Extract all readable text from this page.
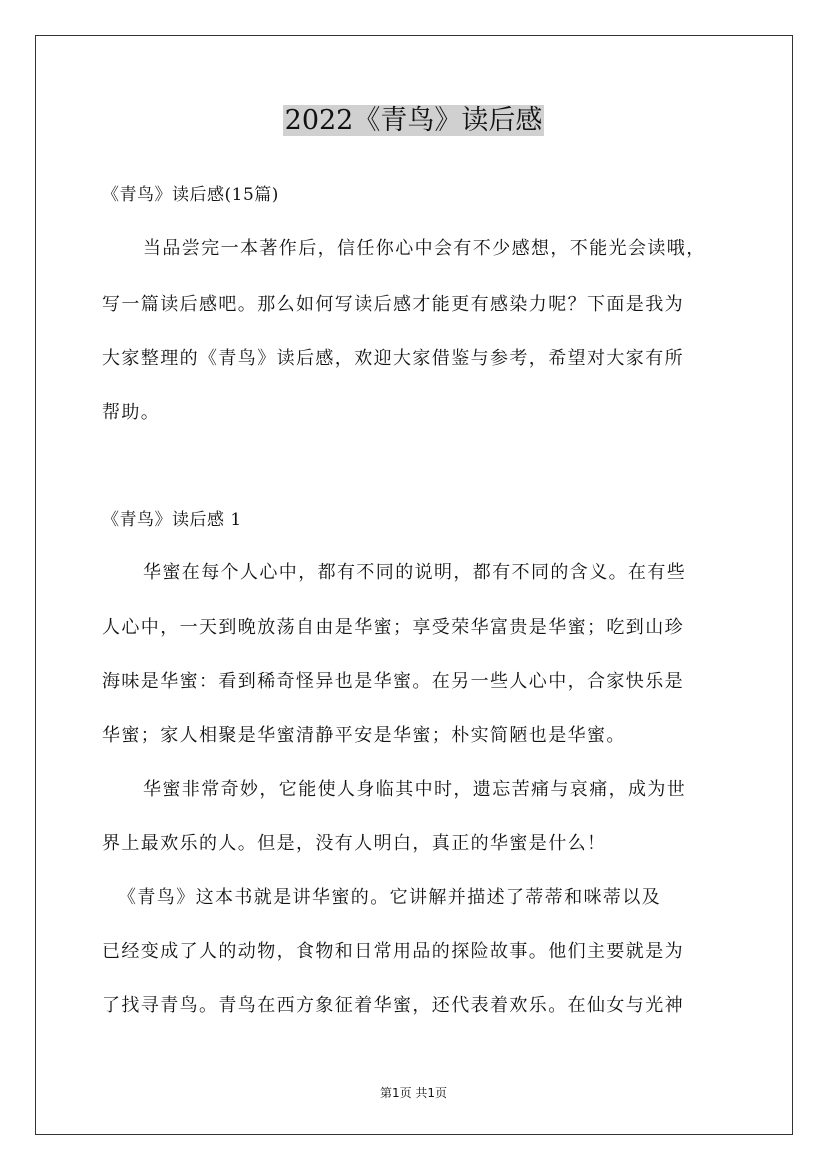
2022《青鸟》读后感
《青鸟》读后感(15篇)
当品尝完一本著作后，信任你心中会有不少感想，不能光会读哦，
写一篇读后感吧。那么如何写读后感才能更有感染力呢？下面是我为
大家整理的《青鸟》读后感，欢迎大家借鉴与参考，希望对大家有所
帮助。
《青鸟》读后感 1
华蜜在每个人心中，都有不同的说明，都有不同的含义。在有些
人心中，一天到晚放荡自由是华蜜；享受荣华富贵是华蜜；吃到山珍
海味是华蜜：看到稀奇怪异也是华蜜。在另一些人心中，合家快乐是
华蜜；家人相聚是华蜜清静平安是华蜜；朴实简陋也是华蜜。
华蜜非常奇妙，它能使人身临其中时，遗忘苦痛与哀痛，成为世
界上最欢乐的人。但是，没有人明白，真正的华蜜是什么！
《青鸟》这本书就是讲华蜜的。它讲解并描述了蒂蒂和咪蒂以及
已经变成了人的动物，食物和日常用品的探险故事。他们主要就是为
了找寻青鸟。青鸟在西方象征着华蜜，还代表着欢乐。在仙女与光神
第1页 共1页
